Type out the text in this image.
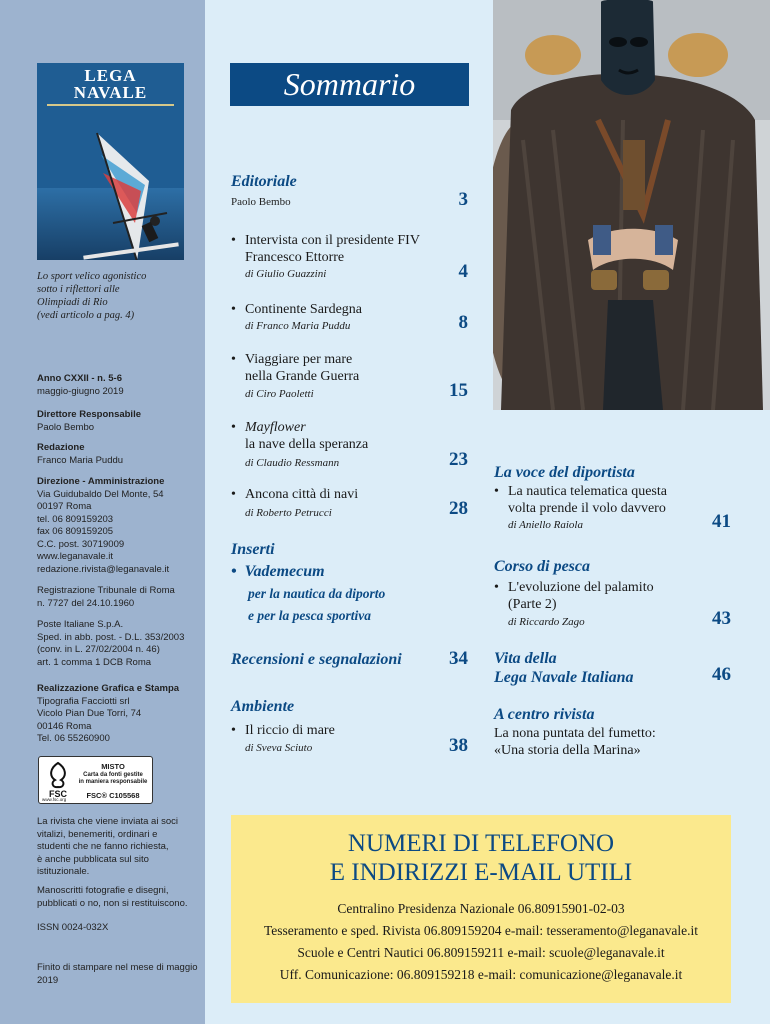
LEGA
NAVALE
Lo sport velico agonistico
sotto i riflettori alle
Olimpiadi di Rio
(vedi articolo a pag. 4)
Anno CXXII - n. 5-6
maggio-giugno 2019
Direttore Responsabile
Paolo Bembo
Redazione
Franco Maria Puddu
Direzione - Amministrazione
Via Guidubaldo Del Monte, 54
00197 Roma
tel. 06 809159203
fax 06 809159205
C.C. post. 30719009
www.leganavale.it
redazione.rivista@leganavale.it
Registrazione Tribunale di Roma
n. 7727 del 24.10.1960
Poste Italiane S.p.A.
Sped. in abb. post. - D.L. 353/2003
(conv. in L. 27/02/2004 n. 46)
art. 1 comma 1 DCB Roma
Realizzazione Grafica e Stampa
Tipografia Facciotti srl
Vicolo Pian Due Torri, 74
00146 Roma
Tel. 06 55260900
FSC
MISTO
Carta da fonti gestite
in maniera responsabile
FSC® C105568
www.fsc.org
La rivista che viene inviata ai soci
vitalizi, benemeriti, ordinari e
studenti che ne fanno richiesta,
è anche pubblicata sul sito
istituzionale.
Manoscritti fotografie e disegni,
pubblicati o no, non si restituiscono.
ISSN 0024-032X
Finito di stampare nel mese di maggio 2019
Sommario
Editoriale
Paolo Bembo	3
• Intervista con il presidente FIV
Francesco Ettorre
di Giulio Guazzini	4
• Continente Sardegna
di Franco Maria Puddu	8
• Viaggiare per mare
nella Grande Guerra
di Ciro Paoletti	15
• Mayflower
la nave della speranza
di Claudio Ressmann	23
• Ancona città di navi
di Roberto Petrucci	28
Inserti
•  Vademecum
per la nautica da diporto
e per la pesca sportiva
Recensioni e segnalazioni	34
Ambiente
• Il riccio di mare
di Sveva Sciuto	38
La voce del diportista
• La nautica telematica questa
volta prende il volo davvero
di Aniello Raiola	41
Corso di pesca
• L'evoluzione del palamito
(Parte 2)
di Riccardo Zago	43
Vita della
Lega Navale Italiana	46
A centro rivista
La nona puntata del fumetto:
«Una storia della Marina»
NUMERI DI TELEFONO
E INDIRIZZI E-MAIL UTILI
Centralino Presidenza Nazionale 06.80915901-02-03
Tesseramento e sped. Rivista 06.809159204 e-mail: tesseramento@leganavale.it
Scuole e Centri Nautici 06.809159211 e-mail: scuole@leganavale.it
Uff. Comunicazione: 06.809159218 e-mail: comunicazione@leganavale.it
